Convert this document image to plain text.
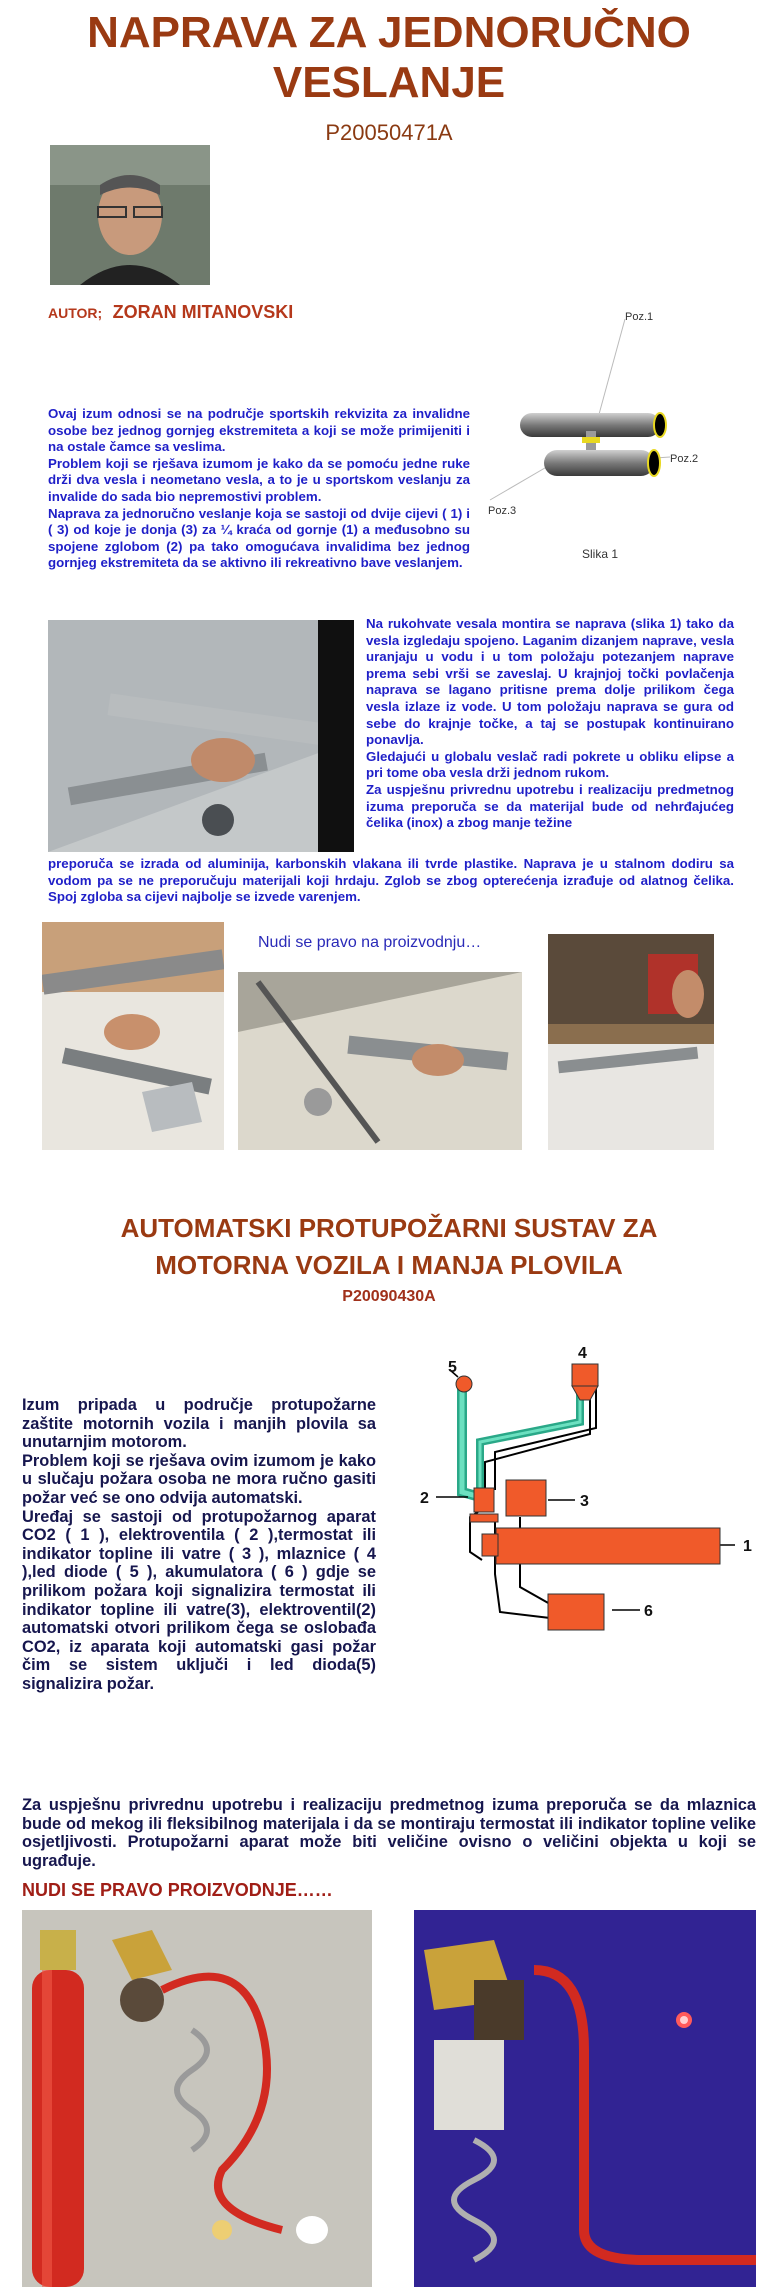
NAPRAVA ZA JEDNORUČNO
VESLANJE
P20050471A
AUTOR; ZORAN MITANOVSKI	Poz.1
Poz.2
Poz.3
Slika 1

Ovaj izum odnosi se na područje sportskih rekvizita za invalidne osobe bez jednog gornjeg ekstremiteta a koji se može primijeniti i na ostale čamce sa veslima.

Problem koji se rješava izumom je kako da se pomoću jedne ruke drži dva vesla i neometano vesla, a to je u sportskom veslanju za invalide do sada bio nepremostivi problem.

Naprava za jednoručno veslanje koja se sastoji od dvije cijevi ( 1) i ( 3) od koje je donja (3) za ¼ kraća od gornje (1) a međusobno su spojene zglobom (2) pa tako omogućava invalidima bez jednog gornjeg ekstremiteta da se aktivno ili rekreativno bave veslanjem.

Na rukohvate vesala montira se naprava (slika 1) tako da vesla izgledaju spojeno. Laganim dizanjem naprave, vesla uranjaju u vodu i u tom položaju potezanjem naprave prema sebi vrši se zaveslaj. U krajnjoj točki povlačenja naprava se lagano pritisne prema dolje prilikom čega vesla izlaze iz vode. U tom položaju naprava se gura od sebe do krajnje točke, a taj se postupak kontinuirano ponavlja.

Gledajući u globalu veslač radi pokrete u obliku elipse a pri tome oba vesla drži jednom rukom.

Za uspješnu privrednu upotrebu i realizaciju predmetnog izuma preporuča se da materijal bude od nehrđajućeg čelika (inox) a zbog manje težine

preporuča se izrada od aluminija, karbonskih vlakana ili tvrde plastike. Naprava je u stalnom dodiru sa vodom pa se ne preporučuju materijali koji hrdaju. Zglob se zbog opterećenja izrađuje od alatnog čelika. Spoj zgloba sa cijevi najbolje se izvede varenjem.

Nudi se pravo na proizvodnju…
AUTOMATSKI PROTUPOŽARNI SUSTAV ZA
MOTORNA VOZILA I MANJA PLOVILA
P20090430A
1
2	3
4
5
6

Izum pripada u područje protupožarne zaštite motornih vozila i manjih plovila sa unutarnjim motorom.

Problem koji se rješava ovim izumom je kako u slučaju požara osoba ne mora ručno gasiti požar već se ono odvija automatski.

Uređaj se sastoji od protupožarnog aparat CO2 ( 1 ), elektroventila ( 2 ),termostat ili indikator topline ili vatre ( 3 ), mlaznice ( 4 ),led diode ( 5 ), akumulatora ( 6 ) gdje se prilikom požara koji signalizira termostat ili indikator topline ili vatre(3), elektroventil(2) automatski otvori prilikom čega se oslobađa CO2, iz aparata koji automatski gasi požar čim se sistem uključi i led dioda(5) signalizira požar.

Za uspješnu privrednu upotrebu i realizaciju predmetnog izuma preporuča se da mlaznica bude od mekog ili fleksibilnog materijala i da se montiraju termostat ili indikator topline velike osjetljivosti. Protupožarni aparat može biti veličine ovisno o veličini objekta u koji se ugrađuje.

NUDI SE PRAVO PROIZVODNJE……
